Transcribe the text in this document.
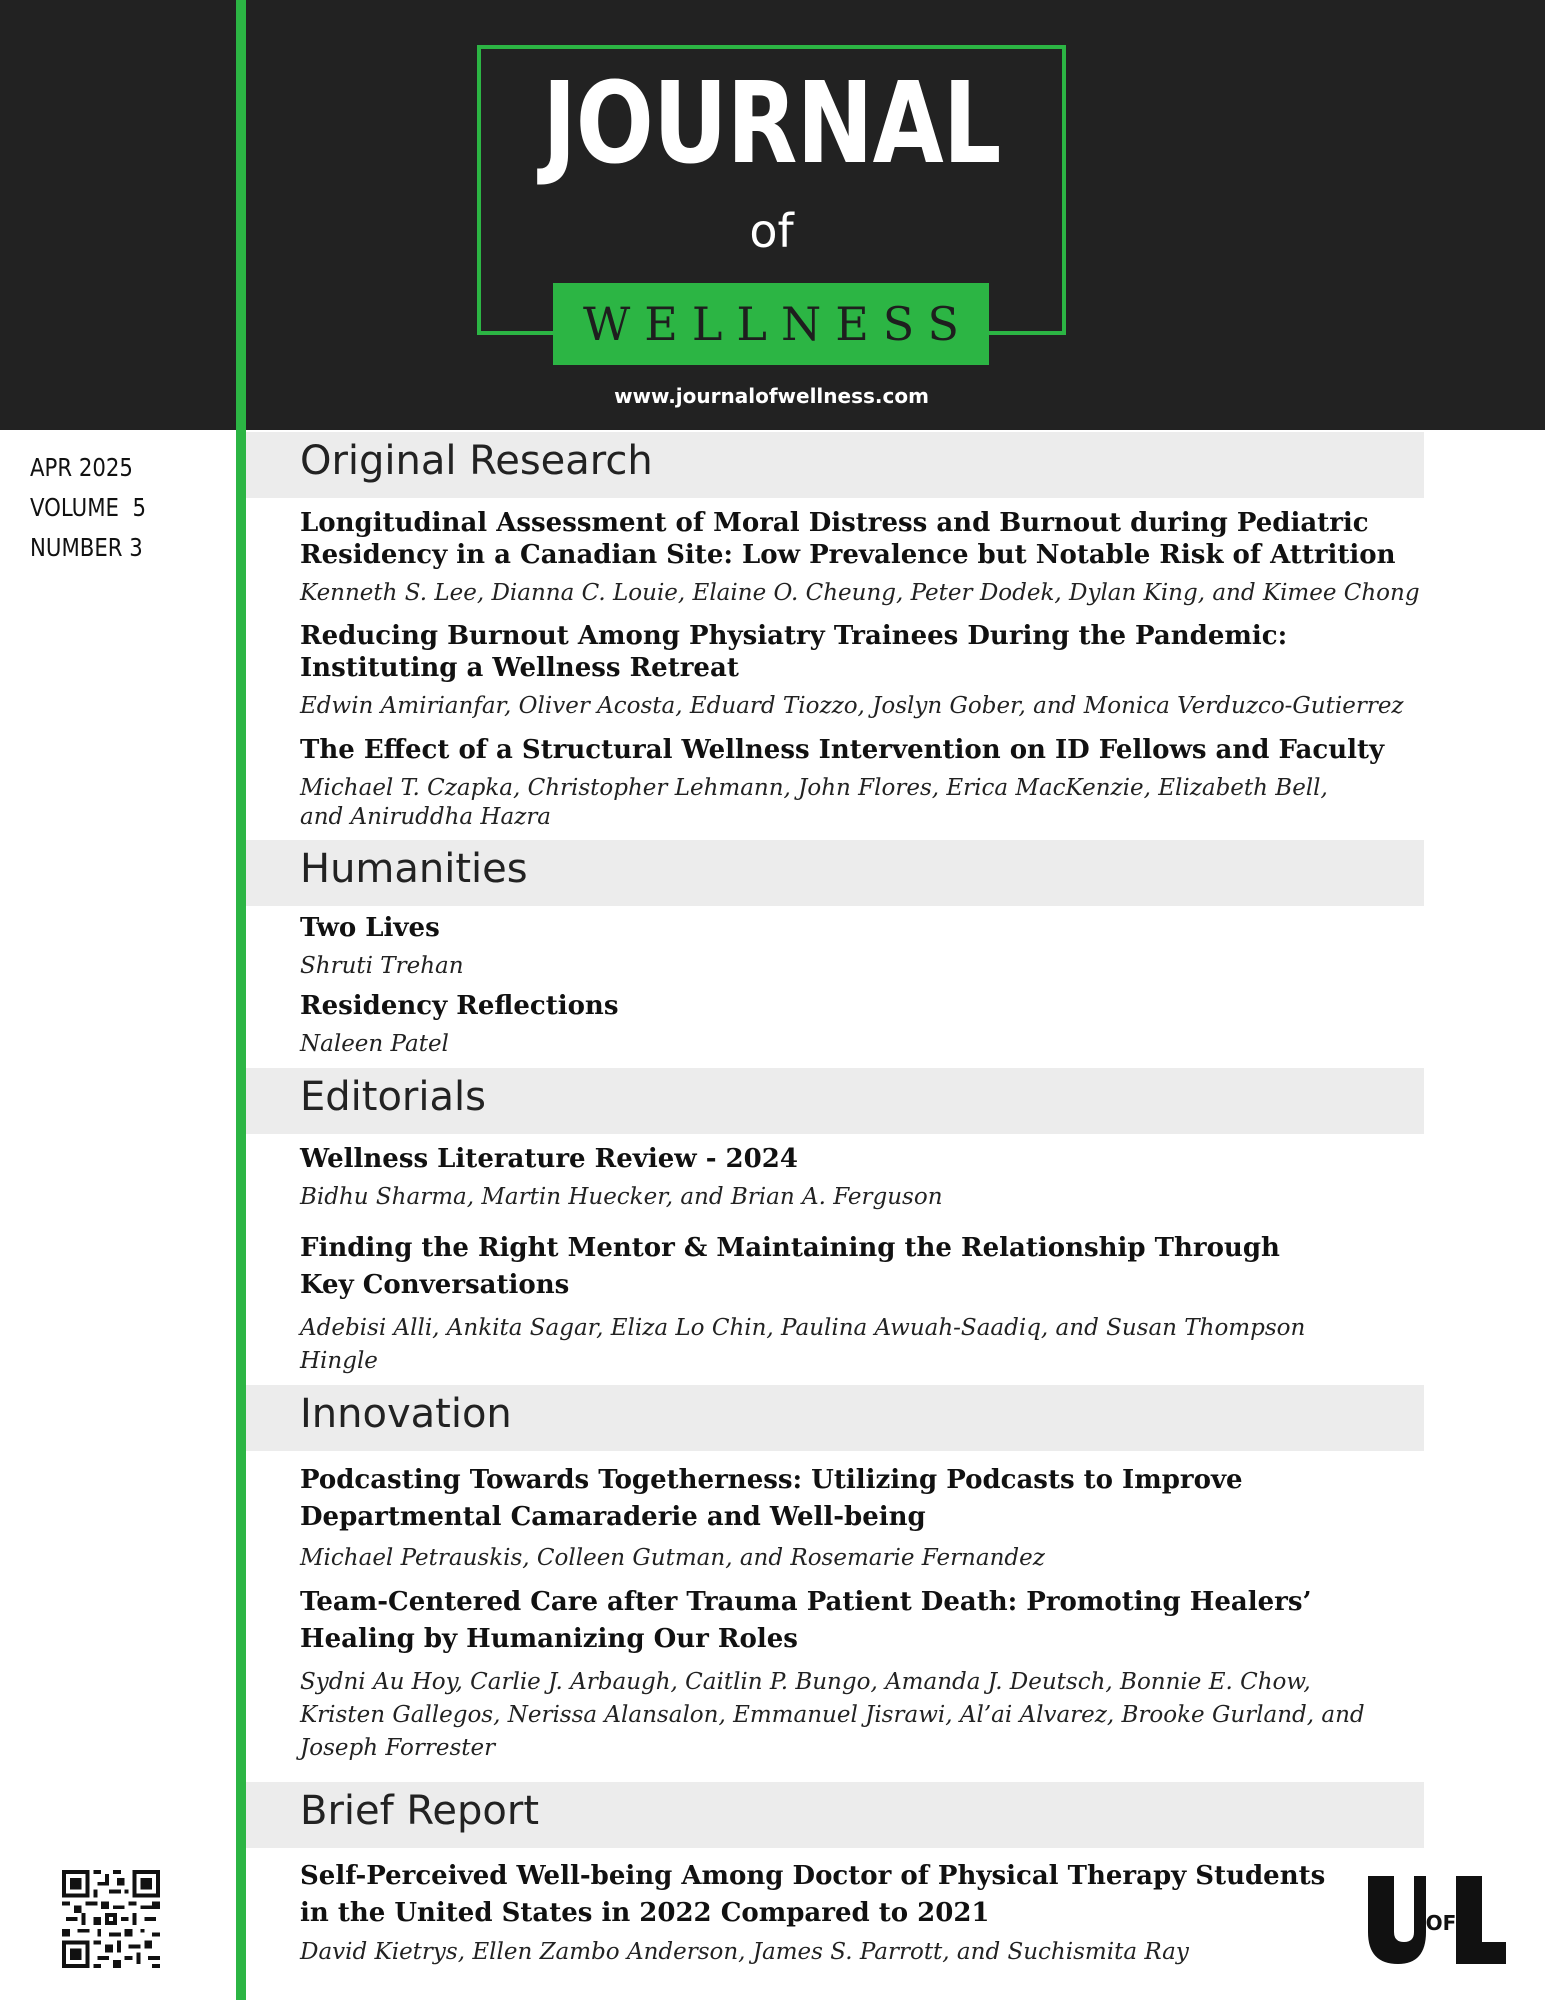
JOURNAL
of
WELLNESS
www.journalofwellness.com
APR 2025
VOLUME  5
NUMBER 3
Original Research

Longitudinal Assessment of Moral Distress and Burnout during Pediatric Residency in a Canadian Site: Low Prevalence but Notable Risk of Attrition

Kenneth S. Lee, Dianna C. Louie, Elaine O. Cheung, Peter Dodek, Dylan King, and Kimee Chong

Reducing Burnout Among Physiatry Trainees During the Pandemic: Instituting a Wellness Retreat

Edwin Amirianfar, Oliver Acosta, Eduard Tiozzo, Joslyn Gober, and Monica Verduzco-Gutierrez

The Effect of a Structural Wellness Intervention on ID Fellows and Faculty

Michael T. Czapka, Christopher Lehmann, John Flores, Erica MacKenzie, Elizabeth Bell, and Aniruddha Hazra

Humanities

Two Lives

Shruti Trehan

Residency Reflections

Naleen Patel

Editorials

Wellness Literature Review - 2024

Bidhu Sharma, Martin Huecker, and Brian A. Ferguson

Finding the Right Mentor & Maintaining the Relationship Through Key Conversations

Adebisi Alli, Ankita Sagar, Eliza Lo Chin, Paulina Awuah-Saadiq, and Susan Thompson Hingle

Innovation

Podcasting Towards Togetherness: Utilizing Podcasts to Improve Departmental Camaraderie and Well-being

Michael Petrauskis, Colleen Gutman, and Rosemarie Fernandez

Team-Centered Care after Trauma Patient Death: Promoting Healers’ Healing by Humanizing Our Roles

Sydni Au Hoy, Carlie J. Arbaugh, Caitlin P. Bungo, Amanda J. Deutsch, Bonnie E. Chow, Kristen Gallegos, Nerissa Alansalon, Emmanuel Jisrawi, Al’ai Alvarez, Brooke Gurland, and Joseph Forrester

Brief Report

Self-Perceived Well-being Among Doctor of Physical Therapy Students in the United States in 2022 Compared to 2021

David Kietrys, Ellen Zambo Anderson, James S. Parrott, and Suchismita Ray

OF
